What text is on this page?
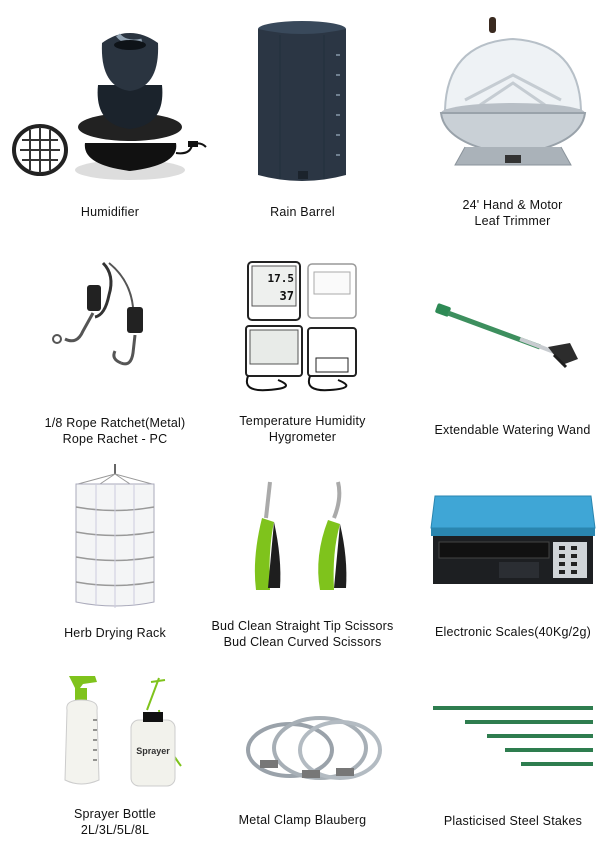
Humidifier	Rain Barrel	24' Hand & Motor
Leaf Trimmer
1/8 Rope Ratchet(Metal)
Rope Rachet - PC
17.5
37
Temperature Humidity
Hygrometer	Extendable Watering Wand
Herb Drying Rack	Bud Clean Straight Tip Scissors
Bud Clean Curved Scissors
Electronic Scales(40Kg/2g)
Sprayer
Sprayer Bottle
2L/3L/5L/8L
Metal Clamp Blauberg	Plasticised Steel Stakes
